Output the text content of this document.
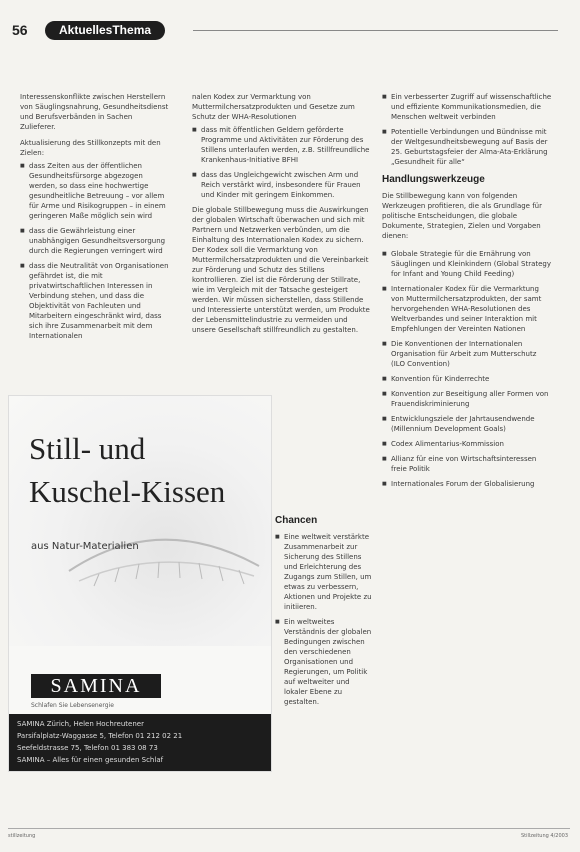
56	AktuellesThema

Interessenskonflikte zwischen Herstellern von Säuglingsnahrung, Gesundheitsdienst und Berufsverbänden in Sachen Zulieferer.

Aktualisierung des Stillkonzepts mit den Zielen:

■ dass Zeiten aus der öffentlichen Gesundheitsfürsorge abgezogen werden, so dass eine hochwertige gesundheitliche Betreuung – vor allem für Arme und Risikogruppen – in einem geringeren Maße möglich sein wird
■ dass die Gewährleistung einer unabhängigen Gesundheitsversorgung durch die Regierungen verringert wird
■ dass die Neutralität von Organisationen gefährdet ist, die mit privatwirtschaftlichen Interessen in Verbindung stehen, und dass die Objektivität von Fachleuten und Mitarbeitern eingeschränkt wird, dass sich ihre Zusammenarbeit mit dem Internationalen

nalen Kodex zur Vermarktung von Muttermilchersatzprodukten und Gesetze zum Schutz der WHA-Resolutionen

■ dass mit öffentlichen Geldern geförderte Programme und Aktivitäten zur Förderung des Stillens unterlaufen werden, z.B. Stillfreundliche Krankenhaus-Initiative BFHI
■ dass das Ungleichgewicht zwischen Arm und Reich verstärkt wird, insbesondere für Frauen und Kinder mit geringem Einkommen.

Die globale Stillbewegung muss die Auswirkungen der globalen Wirtschaft überwachen und sich mit Partnern und Netzwerken verbünden, um die Einhaltung des Internationalen Kodex zu sichern. Der Kodex soll die Vermarktung von Muttermilchersatzprodukten und die Vereinbarkeit zur Förderung und Schutz des Stillens kontrollieren. Ziel ist die Förderung der Stillrate, wie im Vergleich mit der Tatsache gesteigert werden. Wir müssen sicherstellen, dass Stillende und Interessierte unterstützt werden, um Produkte der Lebensmittelindustrie zu vermeiden und unsere Gesellschaft stillfreundlich zu gestalten.

Chancen
■ Eine weltweit verstärkte Zusammenarbeit zur Sicherung des Stillens und Erleichterung des Zugangs zum Stillen, um etwas zu verbessern, Aktionen und Projekte zu initiieren.
■ Ein weltweites Verständnis der globalen Bedingungen zwischen den verschiedenen Organisationen und Regierungen, um Politik auf weltweiter und lokaler Ebene zu gestalten.
■ Ein verbesserter Zugriff auf wissenschaftliche und effiziente Kommunikationsmedien, die Menschen weltweit verbinden
■ Potentielle Verbindungen und Bündnisse mit der Weltgesundheitsbewegung auf Basis der 25. Geburtstagsfeier der Alma-Ata-Erklärung „Gesundheit für alle“
Handlungswerkzeuge

Die Stillbewegung kann von folgenden Werkzeugen profitieren, die als Grundlage für politische Entscheidungen, die globale Dokumente, Strategien, Zielen und Vorgaben dienen:

■ Globale Strategie für die Ernährung von Säuglingen und Kleinkindern (Global Strategy for Infant and Young Child Feeding)
■ Internationaler Kodex für die Vermarktung von Muttermilchersatzprodukten, der samt hervorgehenden WHA-Resolutionen des Weltverbandes und seiner Interaktion mit Empfehlungen der Vereinten Nationen
■ Die Konventionen der Internationalen Organisation für Arbeit zum Mutterschutz (ILO Convention)
■ Konvention für Kinderrechte
■ Konvention zur Beseitigung aller Formen von Frauendiskriminierung
■ Entwicklungsziele der Jahrtausendwende (Millennium Development Goals)
■ Codex Alimentarius-Kommission
■ Allianz für eine von Wirtschaftsinteressen freie Politik
■ Internationales Forum der Globalisierung
Still- und
Kuschel-Kissen
aus Natur-Materialien
SAMINA
Schlafen Sie Lebensenergie
SAMINA Zürich, Helen Hochreutener
Parsifalplatz-Waggasse 5, Telefon 01 212 02 21
Seefeldstrasse 75, Telefon 01 383 08 73
SAMINA – Alles für einen gesunden Schlaf
stillzeitung	Stillzeitung 4/2003
